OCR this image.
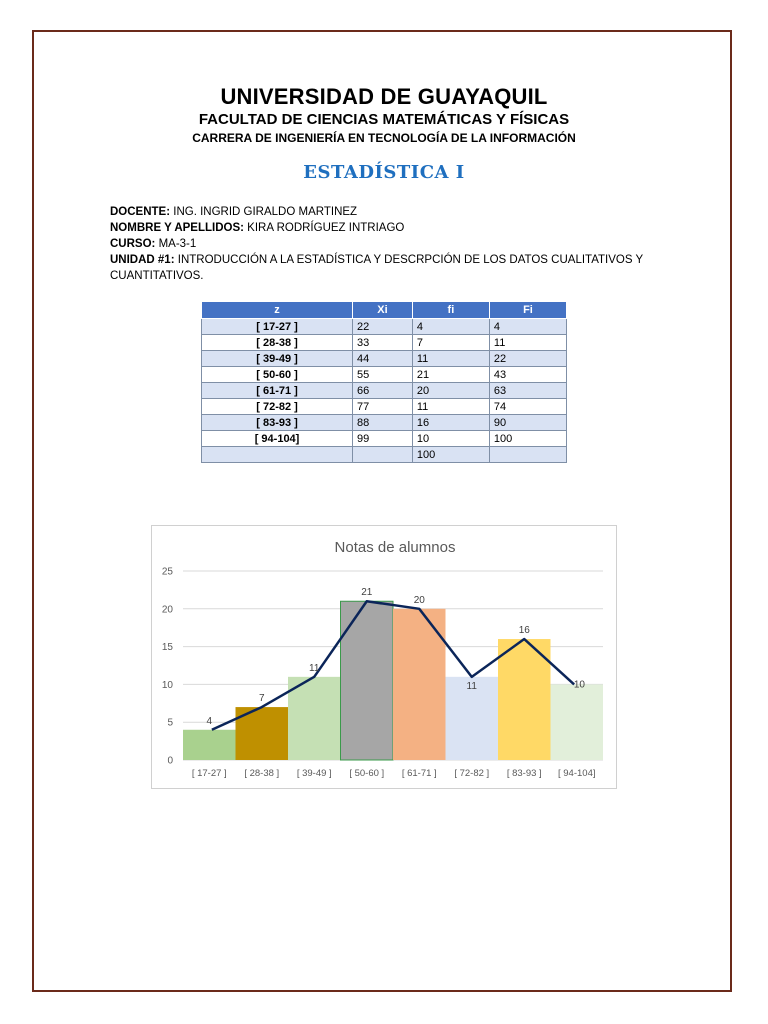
UNIVERSIDAD DE GUAYAQUIL
FACULTAD DE CIENCIAS MATEMÁTICAS Y FÍSICAS
CARRERA DE INGENIERÍA EN TECNOLOGÍA DE LA INFORMACIÓN
ESTADÍSTICA I
DOCENTE: ING. INGRID GIRALDO MARTINEZ
NOMBRE Y APELLIDOS: KIRA RODRÍGUEZ INTRIAGO
CURSO: MA-3-1
UNIDAD #1: INTRODUCCIÓN A LA ESTADÍSTICA Y DESCRPCIÓN DE LOS DATOS CUALITATIVOS Y CUANTITATIVOS.
z	Xi	fi	Fi
[ 17-27 ]	22	4	4
[ 28-38 ]	33	7	11
[ 39-49 ]	44	11	22
[ 50-60 ]	55	21	43
[ 61-71 ]	66	20	63
[ 72-82 ]	77	11	74
[ 83-93 ]	88	16	90
[ 94-104]	99	10	100
		100	
Notas de alumnos
0
5
10
15
20
25
[ 17-27 ] [ 28-38 ] [ 39-49 ] [ 50-60 ] [ 61-71 ] [ 72-82 ] [ 83-93 ] [ 94-104]
4
7
11
21
20
11
16
10
